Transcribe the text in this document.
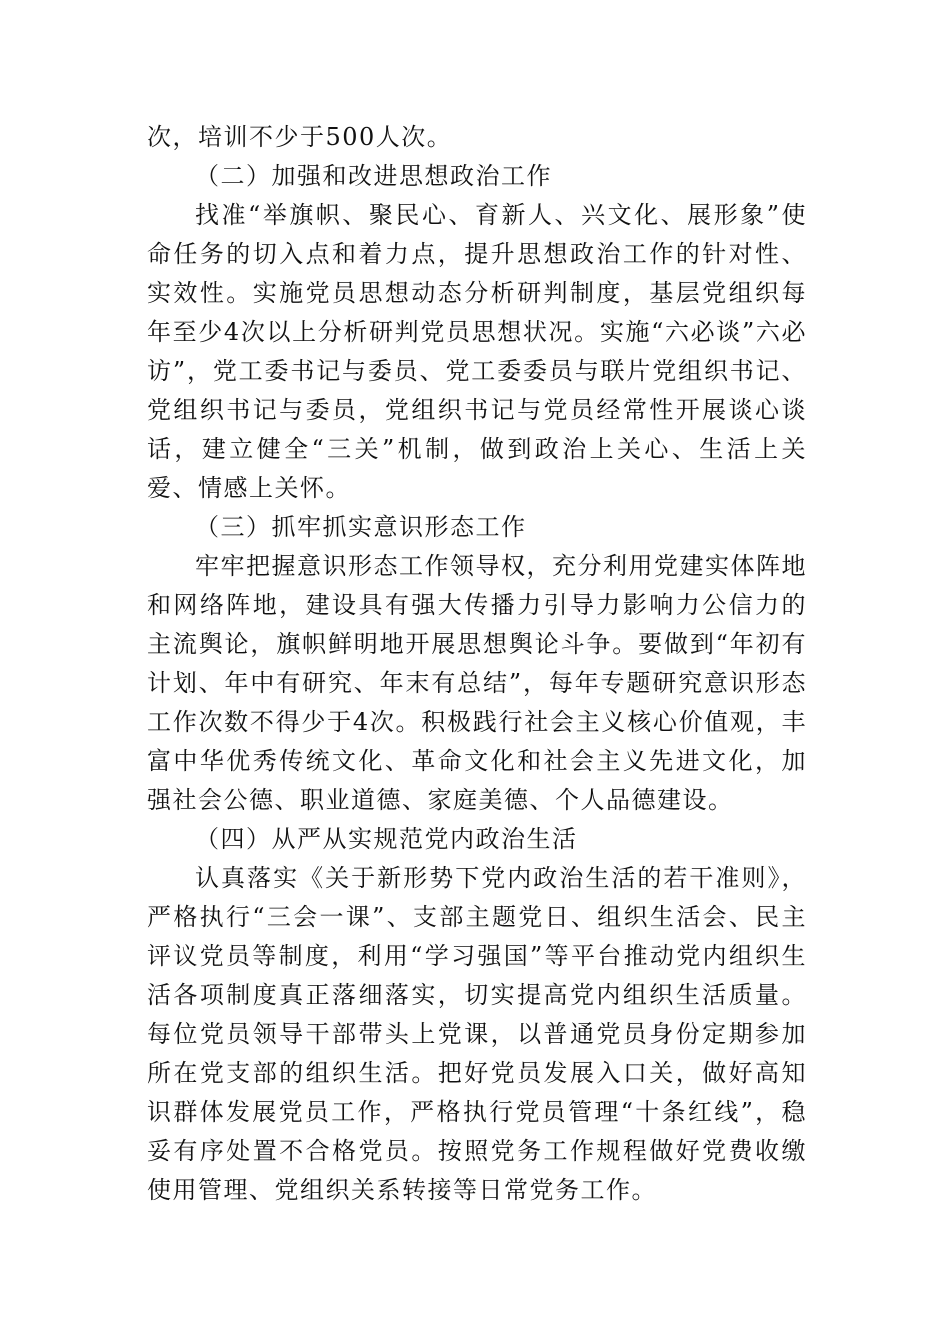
次，培训不少于500人次。

（二）加强和改进思想政治工作

找准“举旗帜、聚民心、育新人、兴文化、展形象”使命任务的切入点和着力点，提升思想政治工作的针对性、实效性。实施党员思想动态分析研判制度，基层党组织每年至少4次以上分析研判党员思想状况。实施“六必谈”六必访”，党工委书记与委员、党工委委员与联片党组织书记、党组织书记与委员，党组织书记与党员经常性开展谈心谈话，建立健全“三关”机制，做到政治上关心、生活上关爱、情感上关怀。

（三）抓牢抓实意识形态工作

牢牢把握意识形态工作领导权，充分利用党建实体阵地和网络阵地，建设具有强大传播力引导力影响力公信力的主流舆论，旗帜鲜明地开展思想舆论斗争。要做到“年初有计划、年中有研究、年末有总结”，每年专题研究意识形态工作次数不得少于4次。积极践行社会主义核心价值观，丰富中华优秀传统文化、革命文化和社会主义先进文化，加强社会公德、职业道德、家庭美德、个人品德建设。

（四）从严从实规范党内政治生活

认真落实《关于新形势下党内政治生活的若干准则》，严格执行“三会一课”、支部主题党日、组织生活会、民主评议党员等制度，利用“学习强国”等平台推动党内组织生活各项制度真正落细落实，切实提高党内组织生活质量。每位党员领导干部带头上党课，以普通党员身份定期参加所在党支部的组织生活。把好党员发展入口关，做好高知识群体发展党员工作，严格执行党员管理“十条红线”，稳妥有序处置不合格党员。按照党务工作规程做好党费收缴使用管理、党组织关系转接等日常党务工作。
